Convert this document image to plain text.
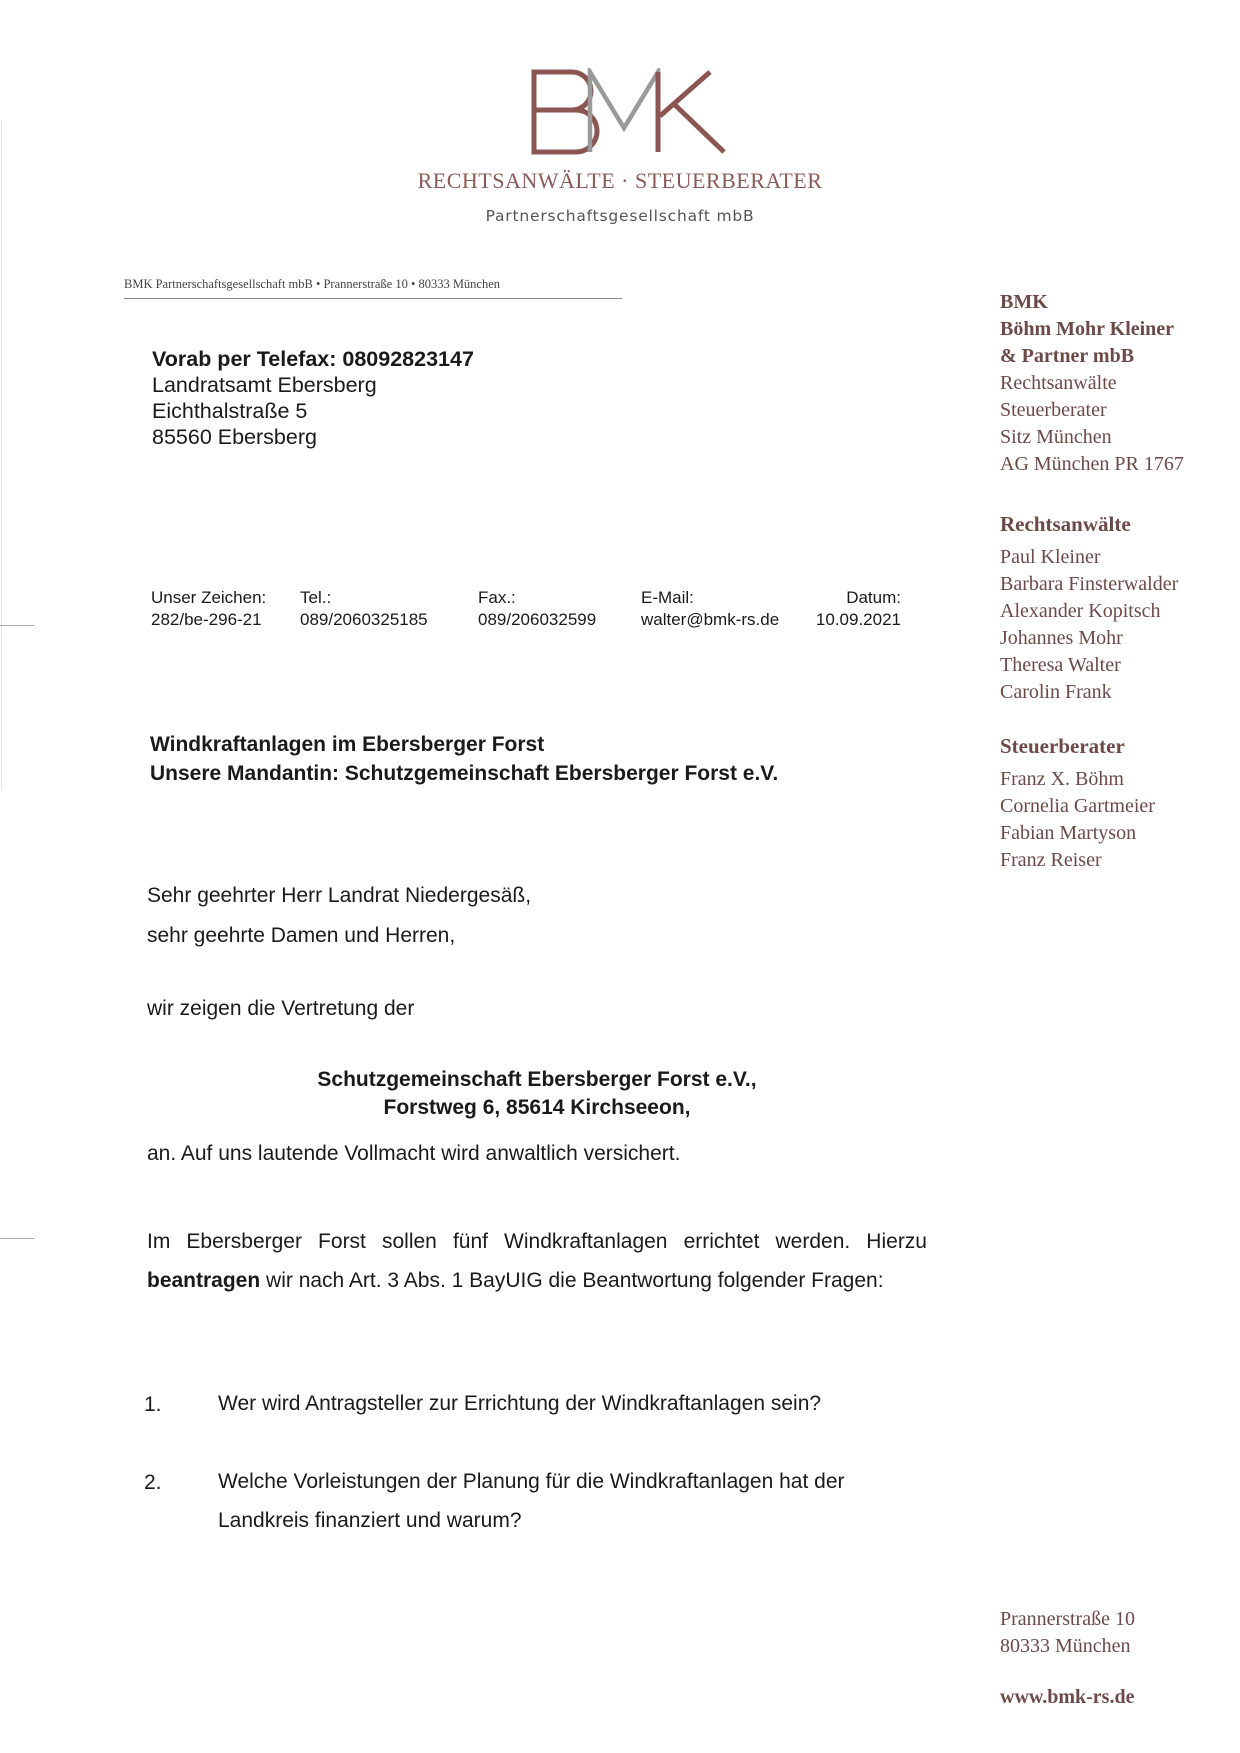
RECHTSANWÄLTE · STEUERBERATER
Partnerschaftsgesellschaft mbB
BMK Partnerschaftsgesellschaft mbB • Prannerstraße 10 • 80333 München
Vorab per Telefax: 08092823147
Landratsamt Ebersberg
Eichthalstraße 5
85560 Ebersberg
Unser Zeichen:
282/be-296-21
Tel.:
089/2060325185
Fax.:
089/206032599
E-Mail:
walter@bmk-rs.de
Datum:
10.09.2021
Windkraftanlagen im Ebersberger Forst
Unsere Mandantin: Schutzgemeinschaft Ebersberger Forst e.V.
Sehr geehrter Herr Landrat Niedergesäß,
sehr geehrte Damen und Herren,
wir zeigen die Vertretung der
Schutzgemeinschaft Ebersberger Forst e.V.,
Forstweg 6, 85614 Kirchseeon,
an. Auf uns lautende Vollmacht wird anwaltlich versichert.
Im Ebersberger Forst sollen fünf Windkraftanlagen errichtet werden. Hierzu beantragen wir nach Art. 3 Abs. 1 BayUIG die Beantwortung folgender Fragen:
1.	Wer wird Antragsteller zur Errichtung der Windkraftanlagen sein?
2.	Welche Vorleistungen der Planung für die Windkraftanlagen hat der Landkreis finanziert und warum?
BMK
Böhm Mohr Kleiner
& Partner mbB
Rechtsanwälte
Steuerberater
Sitz München
AG München PR 1767
Rechtsanwälte
Paul Kleiner
Barbara Finsterwalder
Alexander Kopitsch
Johannes Mohr
Theresa Walter
Carolin Frank
Steuerberater
Franz X. Böhm
Cornelia Gartmeier
Fabian Martyson
Franz Reiser
Prannerstraße 10
80333 München
www.bmk-rs.de
